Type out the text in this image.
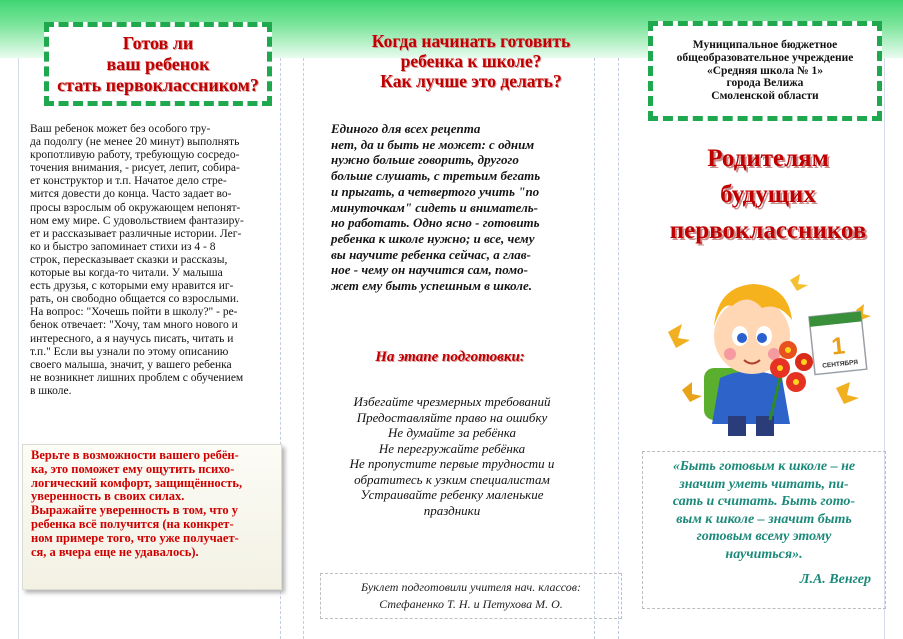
Готов ли
ваш ребенок
стать первоклассником?
Ваш ребенок может без особого тру-
да подолгу (не менее 20 минут) выполнять
кропотливую работу, требующую сосредо-
точения внимания, - рисует, лепит, собира-
ет конструктор и т.п. Начатое дело стре-
мится довести до конца. Часто задает во-
просы взрослым об окружающем непонят-
ном ему мире. С удовольствием фантазиру-
ет и рассказывает различные истории. Лег-
ко и быстро запоминает стихи из 4 - 8
строк, пересказывает сказки и рассказы,
которые вы когда-то читали. У малыша
есть друзья, с которыми ему нравится иг-
рать, он свободно общается со взрослыми.
На вопрос: "Хочешь пойти в школу?" - ре-
бенок отвечает: "Хочу, там много нового и
интересного, а я научусь писать, читать и
т.п." Если вы узнали по этому описанию
своего малыша, значит, у вашего ребенка
не возникнет лишних проблем с обучением
в школе.
Верьте в возможности вашего ребён-
ка, это поможет ему ощутить психо-
логический комфорт, защищённость,
уверенность в своих силах.
Выражайте уверенность в том, что у
ребенка всё получится (на конкрет-
ном примере того, что уже получает-
ся, а вчера еще не удавалось).
Когда начинать готовить
ребенка к школе?
Как лучше это делать?
Единого для всех рецепта
нет, да и быть не может: с одним
нужно больше говорить, другого
больше слушать, с третьим бегать
и прыгать, а четвертого учить "по
минуточкам" сидеть и вниматель-
но работать. Одно ясно - готовить
ребенка к школе нужно; и все, чему
вы научите ребенка сейчас, а глав-
ное - чему он научится сам, помо-
жет ему быть успешным в школе.
На этапе подготовки:
Избегайте чрезмерных требований
Предоставляйте право на ошибку
Не думайте за ребёнка
Не перегружайте ребёнка
Не пропустите первые трудности и
обратитесь к узким специалистам
Устраивайте ребенку маленькие
праздники
Буклет подготовили учителя нач. классов:
Стефаненко Т. Н. и Петухова М. О.
Муниципальное бюджетное
общеобразовательное учреждение
«Средняя школа № 1»
города Велижа
Смоленской области
Родителям
будущих
первоклассников
1
СЕНТЯБРЯ
«Быть готовым к школе – не
значит уметь читать, пи-
сать и считать. Быть гото-
вым к школе – значит быть
готовым всему этому
научиться».
Л.А. Венгер
